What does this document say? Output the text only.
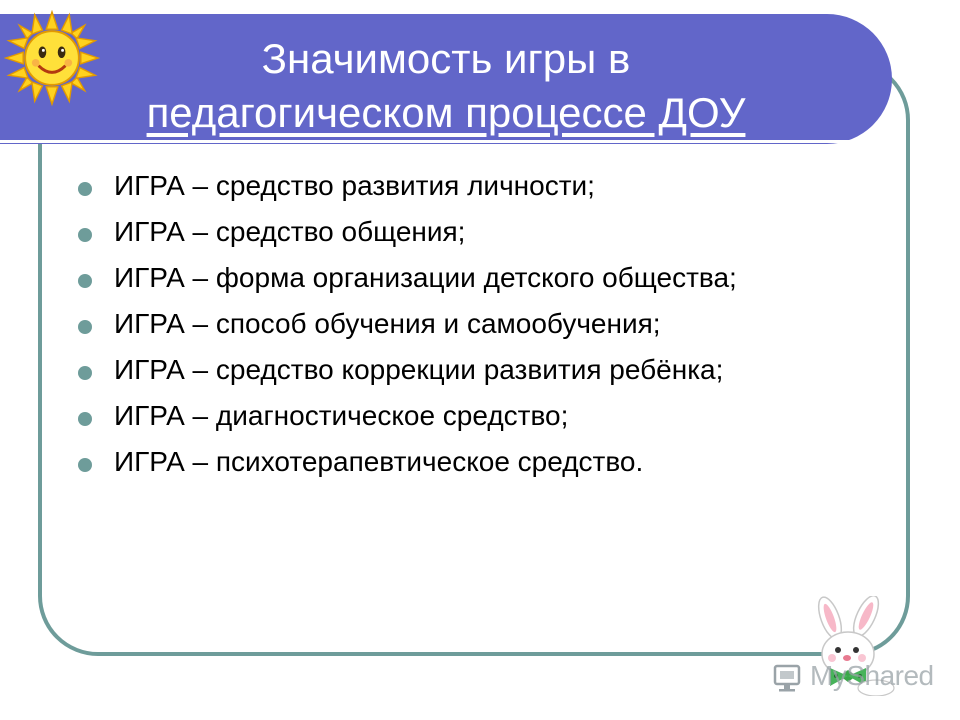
Значимость игры в
педагогическом процессе ДОУ
ИГРА – средство развития личности;
ИГРА – средство общения;
ИГРА – форма организации детского общества;
ИГРА – способ обучения и самообучения;
ИГРА – средство коррекции развития ребёнка;
ИГРА – диагностическое средство;
ИГРА – психотерапевтическое средство.
MyShared
